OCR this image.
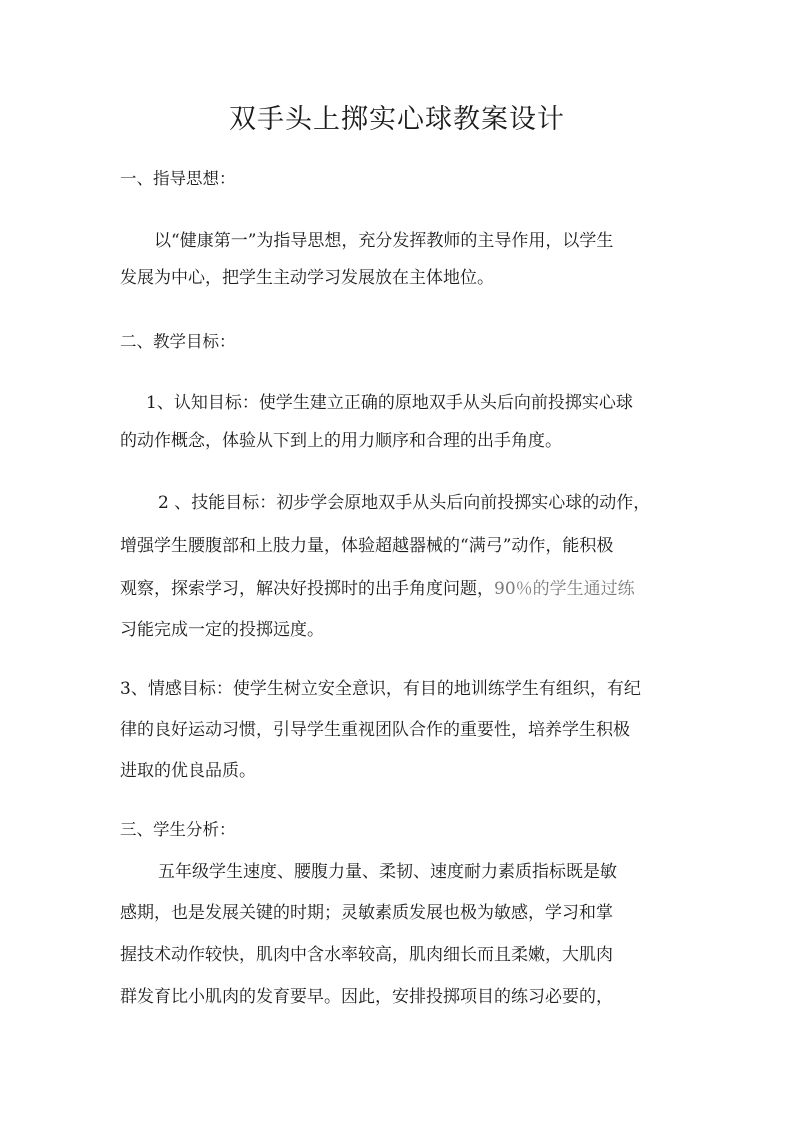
双手头上掷实心球教案设计
一、指导思想：
以“健康第一”为指导思想，充分发挥教师的主导作用，以学生
发展为中心，把学生主动学习发展放在主体地位。
二、教学目标：
1、认知目标：使学生建立正确的原地双手从头后向前投掷实心球
的动作概念，体验从下到上的用力顺序和合理的出手角度。
2 、技能目标：初步学会原地双手从头后向前投掷实心球的动作，
增强学生腰腹部和上肢力量，体验超越器械的“满弓”动作，能积极
观察，探索学习，解决好投掷时的出手角度问题，90％的学生通过练
习能完成一定的投掷远度。
3、情感目标：使学生树立安全意识，有目的地训练学生有组织，有纪
律的良好运动习惯，引导学生重视团队合作的重要性，培养学生积极
进取的优良品质。
三、学生分析：
五年级学生速度、腰腹力量、柔韧、速度耐力素质指标既是敏
感期，也是发展关键的时期；灵敏素质发展也极为敏感，学习和掌
握技术动作较快，肌肉中含水率较高，肌肉细长而且柔嫩，大肌肉
群发育比小肌肉的发育要早。因此，安排投掷项目的练习必要的，
